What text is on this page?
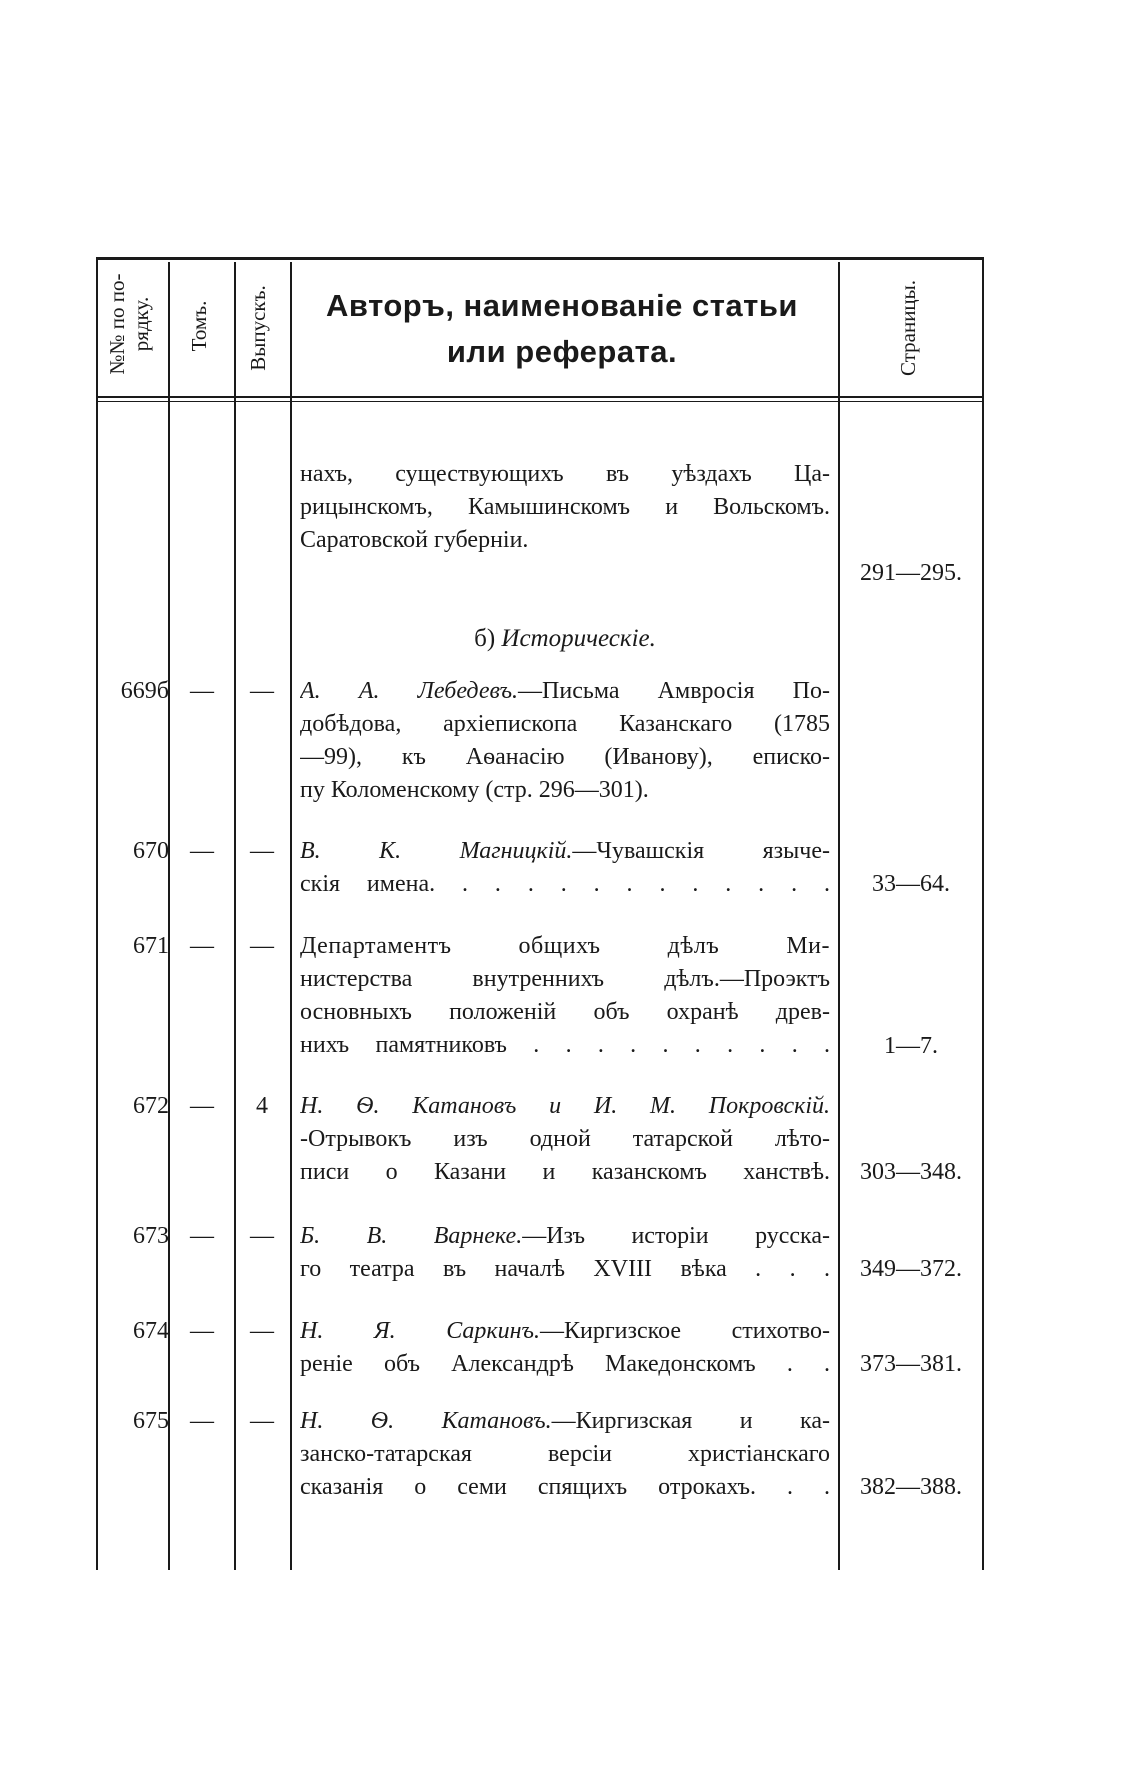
№№ по по- рядку. Томъ. Выпускъ.	Авторъ, наименованіе статьи
или реферата.	Страницы.
нахъ, существующихъ въ уѣздахъ Ца-
рицынскомъ, Камышинскомъ и Вольскомъ.
Саратовской губерніи.
291—295.
б) Историческіе.
669б —	—	А. А. Лебедевъ.—Письма Амвросія По-
добѣдова, архіепископа Казанскаго (1785
—99), къ Аѳанасію (Иванову), еписко-
пу Коломенскому (стр. 296—301).
670 —	—	В. К. Магницкій.—Чувашскія языче-
скія имена. . . . . . . . . . . . .	33—64.
671 —	—	Департаментъ общихъ дѣлъ Ми-
нистерства внутреннихъ дѣлъ.—Проэктъ
основныхъ положеній объ охранѣ древ-
нихъ памятниковъ . . . . . . . . . .	1—7.
672 —	4	Н. Ѳ. Катановъ и И. М. Покровскій.
-Отрывокъ изъ одной татарской лѣто-
писи о Казани и казанскомъ ханствѣ.	303—348.
673 —	—	Б. В. Варнеке.—Изъ исторіи русска-
го театра въ началѣ XVIII вѣка . . .	349—372.
674 —	—	Н. Я. Саркинъ.—Киргизское стихотво-
реніе объ Александрѣ Македонскомъ . .	373—381.
675 —	—	Н. Ѳ. Катановъ.—Киргизская и ка-
занско-татарская версіи христіанскаго
сказанія о семи спящихъ отрокахъ. . .	382—388.
